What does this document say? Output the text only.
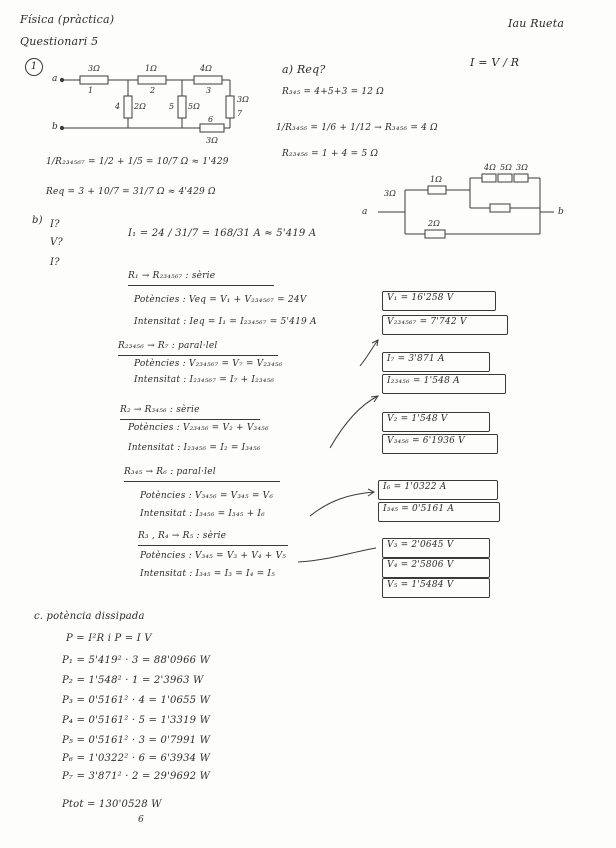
Física (pràctica)
Questionari 5
Iau Rueta
I = V / R
1
a
b
3Ω
1
1Ω
2
4Ω
3
2Ω
4	5Ω
5
3Ω
6
3Ω
7
a) Req?
R₃₄₅ = 4+5+3 = 12 Ω
1/R₃₄₅₆ = 1/6 + 1/12 → R₃₄₅₆ = 4 Ω
R₂₃₄₅₆ = 1 + 4 = 5 Ω
1/R₂₃₄₅₆₇ = 1/2 + 1/5 = 10/7 Ω ≈ 1'429
Req = 3 + 10/7 = 31/7 Ω ≈ 4'429 Ω
a	b
3Ω
1Ω
4Ω 5Ω 3Ω
2Ω
b) I?
V?
I?
I₁ = 24 / 31/7 = 168/31 A ≈ 5'419 A
R₁ → R₂₃₄₅₆₇ : sèrie
Potències : Veq = V₁ + V₂₃₄₅₆₇ = 24V
Intensitat : Ieq = I₁ = I₂₃₄₅₆₇ = 5'419 A
R₂₃₄₅₆ → R₇ : paral·lel
Potències : V₂₃₄₅₆₇ = V₇ = V₂₃₄₅₆
Intensitat : I₂₃₄₅₆₇ = I₇ + I₂₃₄₅₆
R₂ → R₃₄₅₆ : sèrie
Potències : V₂₃₄₅₆ = V₂ + V₃₄₅₆
Intensitat : I₂₃₄₅₆ = I₂ = I₃₄₅₆
R₃₄₅ → R₆ : paral·lel
Potències : V₃₄₅₆ = V₃₄₅ = V₆
Intensitat : I₃₄₅₆ = I₃₄₅ + I₆
R₃ , R₄ → R₅ : sèrie
Potències : V₃₄₅ = V₃ + V₄ + V₅
Intensitat : I₃₄₅ = I₃ = I₄ = I₅
V₁ = 16'258 V
V₂₃₄₅₆₇ = 7'742 V
I₇ = 3'871 A
I₂₃₄₅₆ = 1'548 A
V₂ = 1'548 V
V₃₄₅₆ = 6'1936 V
I₆ = 1'0322 A
I₃₄₅ = 0'5161 A
V₃ = 2'0645 V
V₄ = 2'5806 V
V₅ = 1'5484 V
c. potència dissipada
P = I²R i P = I V
P₁ = 5'419² · 3 = 88'0966 W
P₂ = 1'548² · 1 = 2'3963 W
P₃ = 0'5161² · 4 = 1'0655 W
P₄ = 0'5161² · 5 = 1'3319 W
P₅ = 0'5161² · 3 = 0'7991 W
P₆ = 1'0322² · 6 = 6'3934 W
P₇ = 3'871² · 2 = 29'9692 W
Ptot = 130'0528 W
6
